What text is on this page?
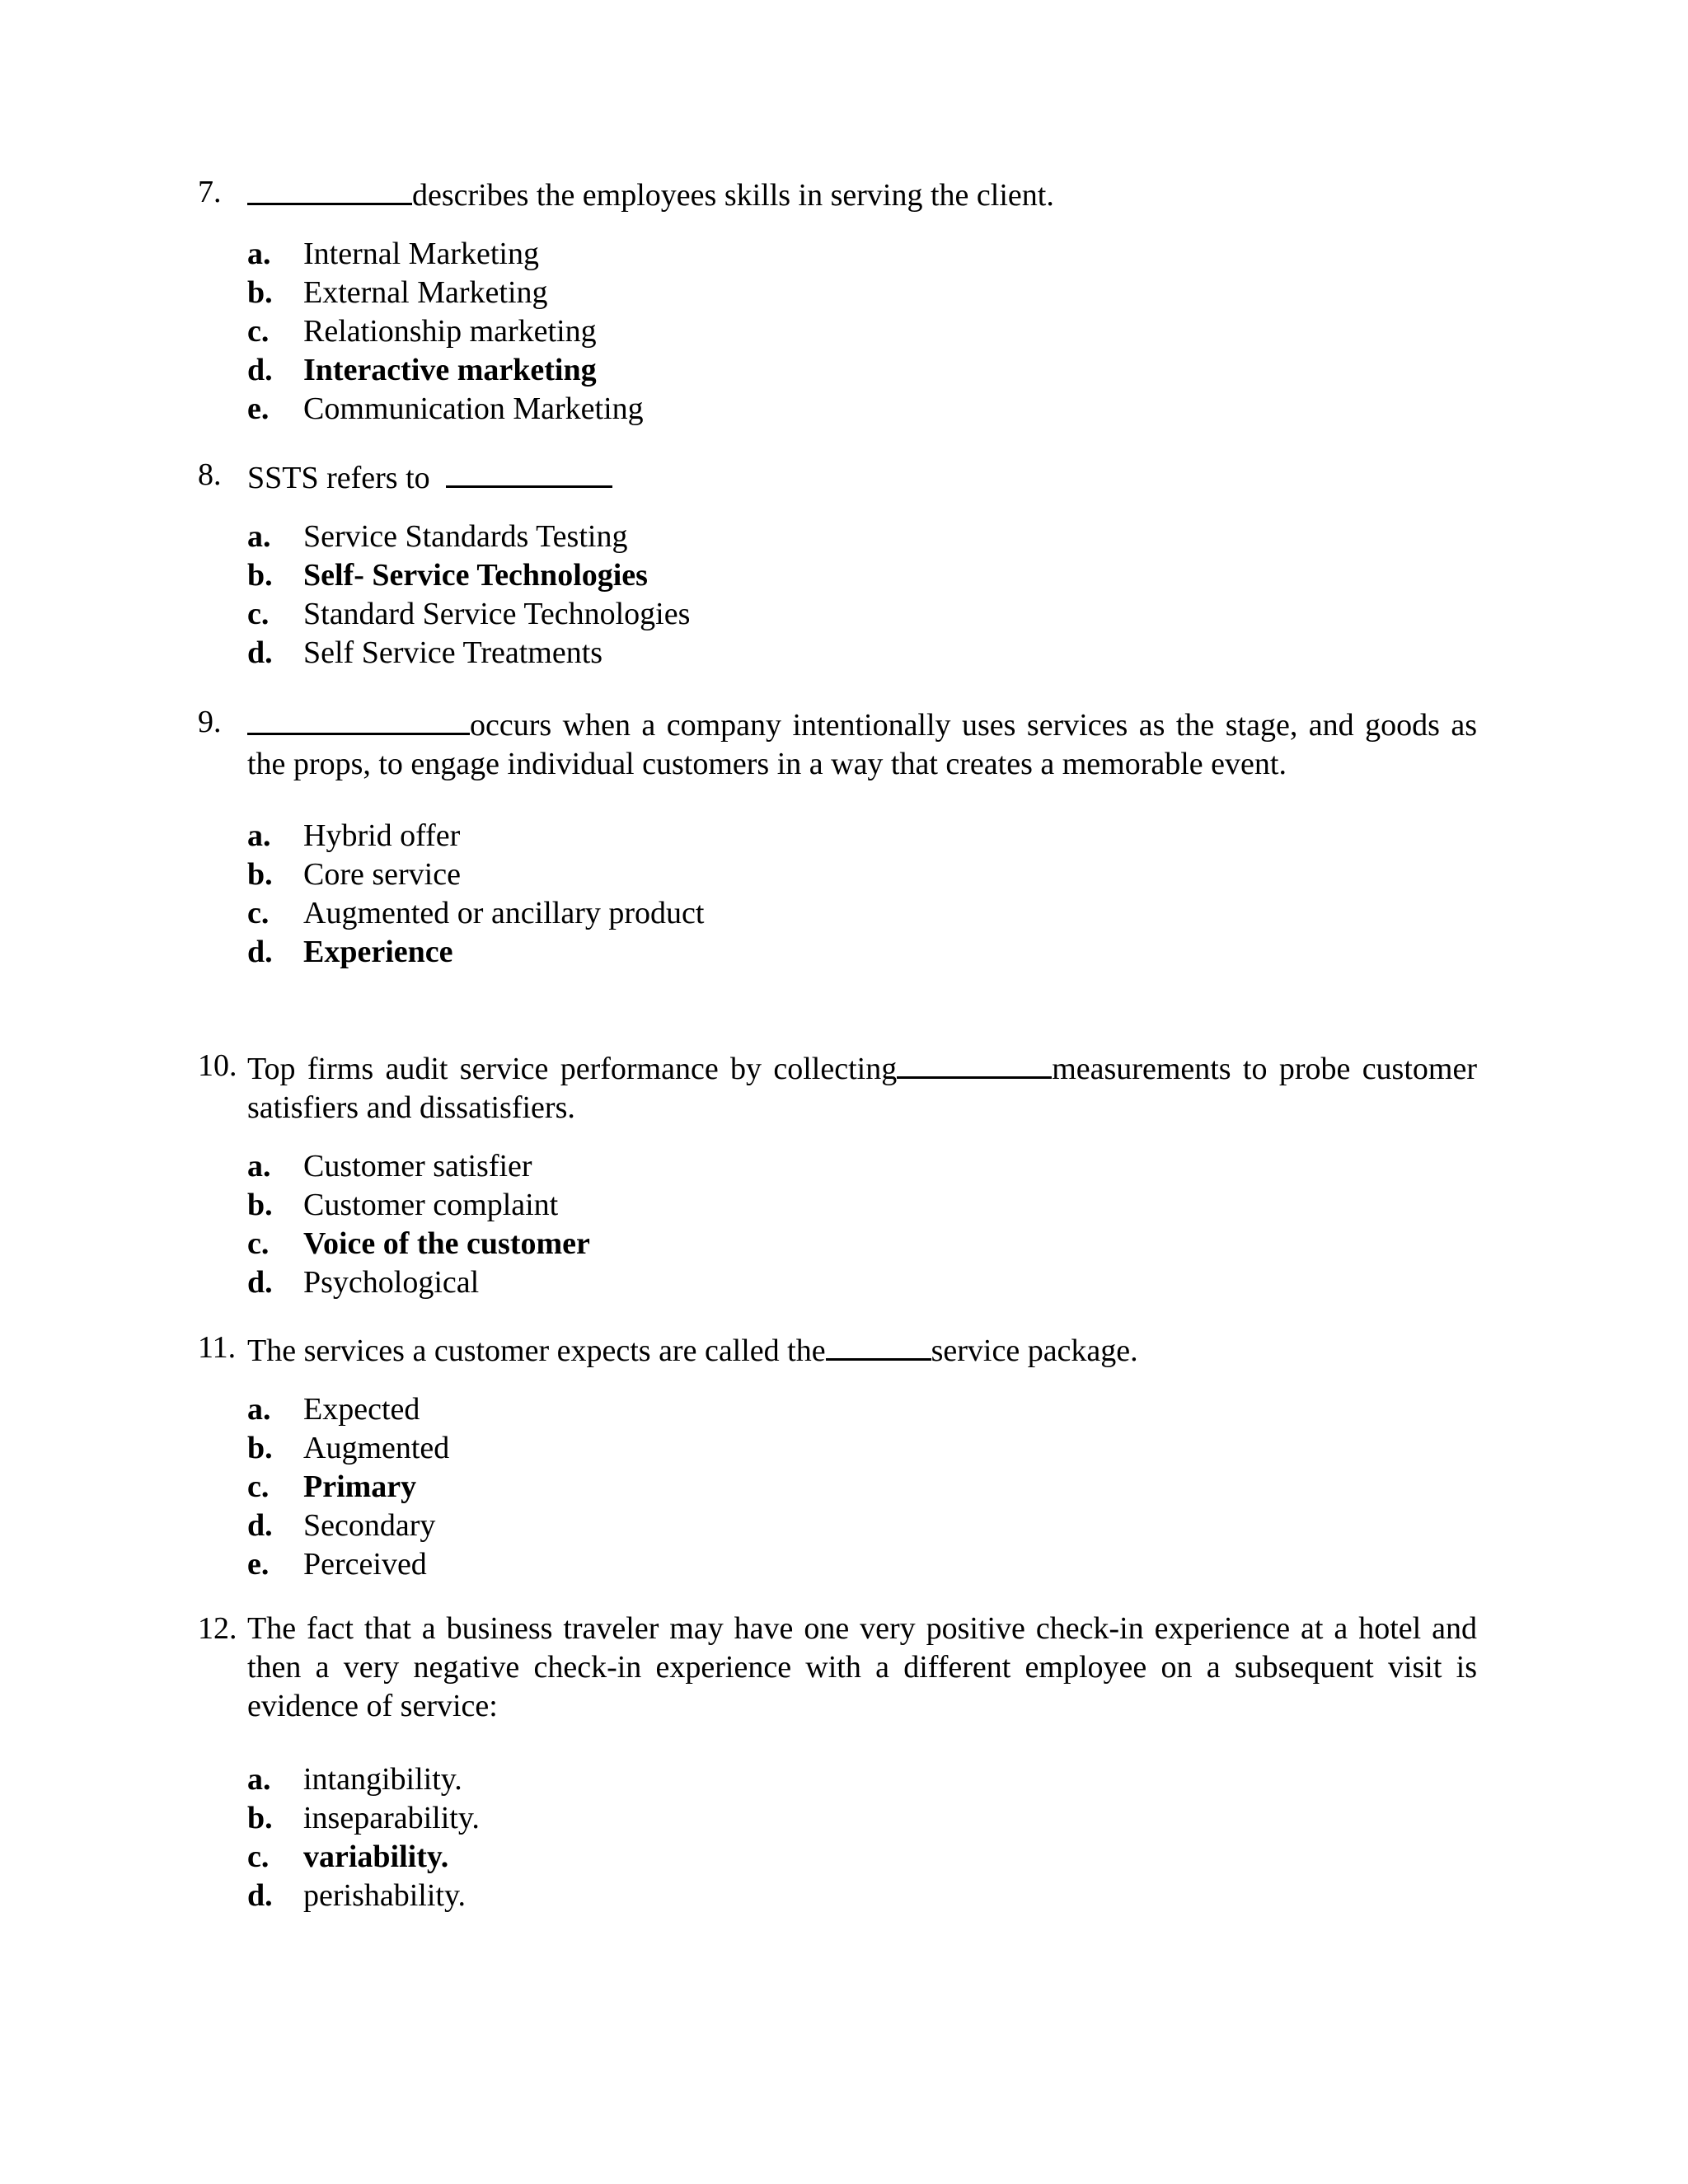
7.	describes the employees skills in serving the client.
a.	Internal Marketing
b. External Marketing
c.	Relationship marketing
d. Interactive marketing
e.	Communication Marketing
8. SSTS refers to
a.	Service Standards Testing
b. Self- Service Technologies
c.	Standard Service Technologies
d. Self Service Treatments
9.	occurs when a company intentionally uses services as the stage, and goods as the props, to engage individual customers in a way that creates a memorable event.
a.	Hybrid offer
b. Core service
c.	Augmented or ancillary product
d. Experience
10. Top firms audit service performance by collecting	measurements to probe customer satisfiers and dissatisfiers.
a.	Customer satisfier
b. Customer complaint
c.	Voice of the customer
d. Psychological
11. The services a customer expects are called the	service package.
a.	Expected
b. Augmented
c.	Primary
d. Secondary
e.	Perceived
12. The fact that a business traveler may have one very positive check-in experience at a hotel and then a very negative check-in experience with a different employee on a subsequent visit is evidence of service:
a.	intangibility.
b. inseparability.
c.	variability.
d. perishability.
